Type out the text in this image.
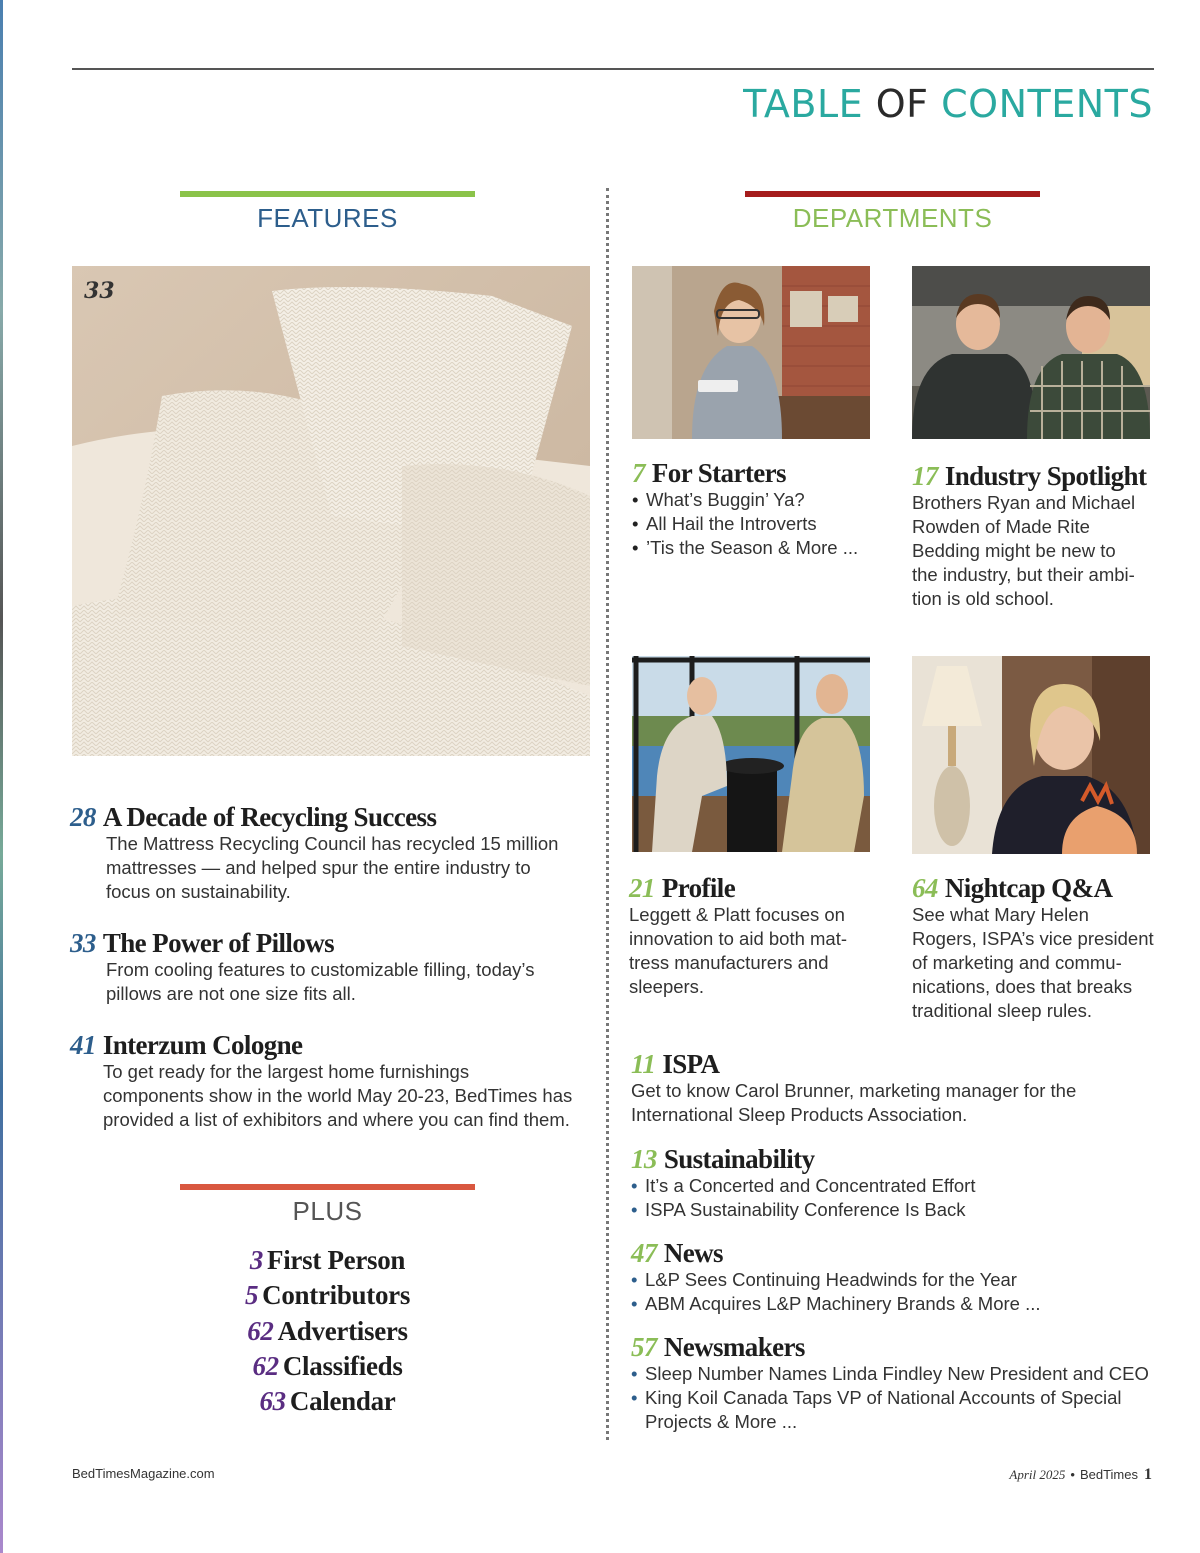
TABLE OF CONTENTS
FEATURES
33
28 A Decade of Recycling Success
The Mattress Recycling Council has recycled 15 million
mattresses — and helped spur the entire industry to
focus on sustainability.
33 The Power of Pillows
From cooling features to customizable filling, today’s
pillows are not one size fits all.
41 Interzum Cologne
To get ready for the largest home furnishings
components show in the world May 20-23, BedTimes has
provided a list of exhibitors and where you can find them.
PLUS
3 First Person
5 Contributors
62 Advertisers
62 Classifieds
63 Calendar
DEPARTMENTS
7 For Starters
• What’s Buggin’ Ya?
• All Hail the Introverts
• ’Tis the Season & More ...
17 Industry Spotlight
Brothers Ryan and Michael
Rowden of Made Rite
Bedding might be new to
the industry, but their ambi-
tion is old school.
21 Profile
Leggett & Platt focuses on
innovation to aid both mat-
tress manufacturers and
sleepers.
64 Nightcap Q&A
See what Mary Helen
Rogers, ISPA’s vice president
of marketing and commu-
nications, does that breaks
traditional sleep rules.
11 ISPA
Get to know Carol Brunner, marketing manager for the
International Sleep Products Association.
13 Sustainability
• It’s a Concerted and Concentrated Effort
• ISPA Sustainability Conference Is Back
47 News
• L&P Sees Continuing Headwinds for the Year
• ABM Acquires L&P Machinery Brands & More ...
57 Newsmakers
• Sleep Number Names Linda Findley New President and CEO
• King Koil Canada Taps VP of National Accounts of Special
Projects & More ...
BedTimesMagazine.com	April 2025 • BedTimes 1
